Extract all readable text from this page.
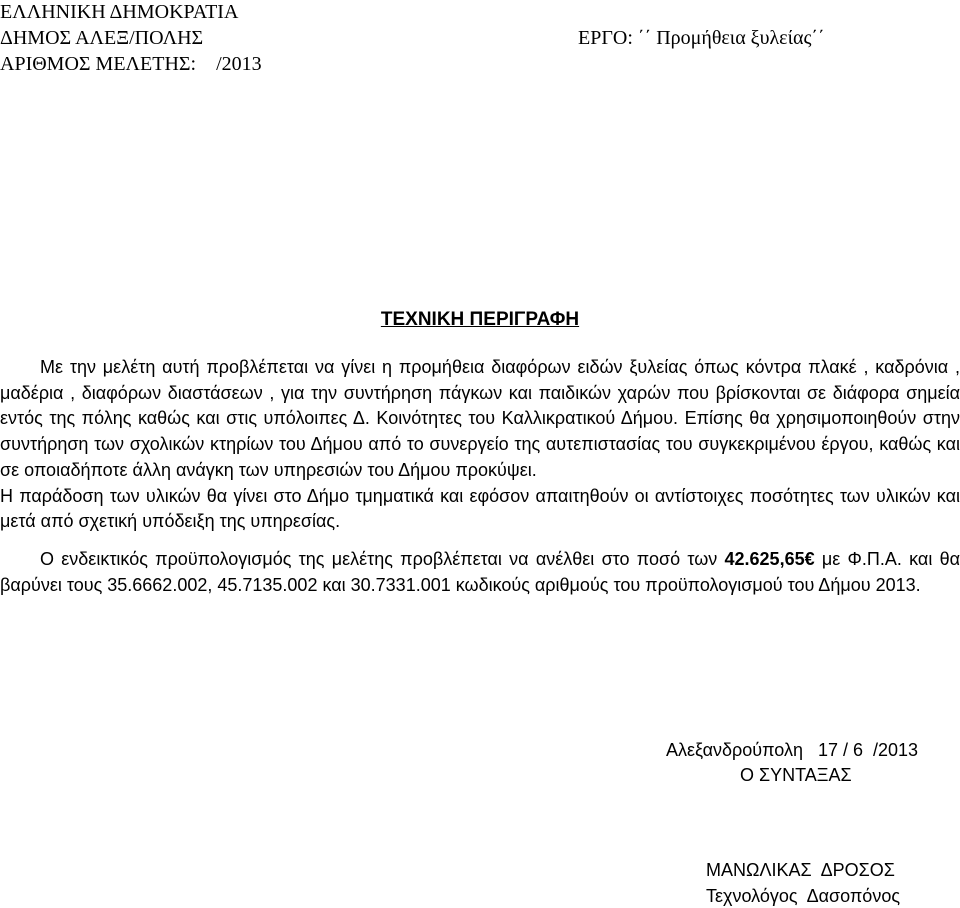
ΕΛΛΗΝΙΚΗ ΔΗΜΟΚΡΑΤΙΑ
ΔΗΜΟΣ ΑΛΕΞ/ΠΟΛΗΣ	ΕΡΓΟ: ΄΄ Προμήθεια ξυλείας΄΄
ΑΡΙΘΜΟΣ ΜΕΛΕΤΗΣ:    /2013
ΤΕΧΝΙΚΗ ΠΕΡΙΓΡΑΦΗ

Με την μελέτη αυτή προβλέπεται να γίνει η προμήθεια διαφόρων ειδών ξυλείας όπως κόντρα πλακέ , καδρόνια , μαδέρια , διαφόρων διαστάσεων , για την συντήρηση πάγκων και παιδικών χαρών που βρίσκονται σε διάφορα σημεία εντός της πόλης καθώς και στις υπόλοιπες Δ. Κοινότητες του Καλλικρατικού Δήμου. Επίσης θα χρησιμοποιηθούν στην συντήρηση των σχολικών κτηρίων του Δήμου από το συνεργείο της αυτεπιστασίας του συγκεκριμένου έργου, καθώς και σε οποιαδήποτε άλλη ανάγκη των υπηρεσιών του Δήμου προκύψει.

Η παράδοση των υλικών θα γίνει στο Δήμο τμηματικά και εφόσον απαιτηθούν οι αντίστοιχες ποσότητες των υλικών και μετά από σχετική υπόδειξη της υπηρεσίας.

Ο ενδεικτικός προϋπολογισμός της μελέτης προβλέπεται να ανέλθει στο ποσό των 42.625,65€ με Φ.Π.Α. και θα βαρύνει τους 35.6662.002, 45.7135.002 και 30.7331.001 κωδικούς αριθμούς του προϋπολογισμού του Δήμου 2013.

Αλεξανδρούπολη   17 / 6  /2013
Ο ΣΥΝΤΑΞΑΣ
ΜΑΝΩΛΙΚΑΣ  ΔΡΟΣΟΣ
Τεχνολόγος  Δασοπόνος
